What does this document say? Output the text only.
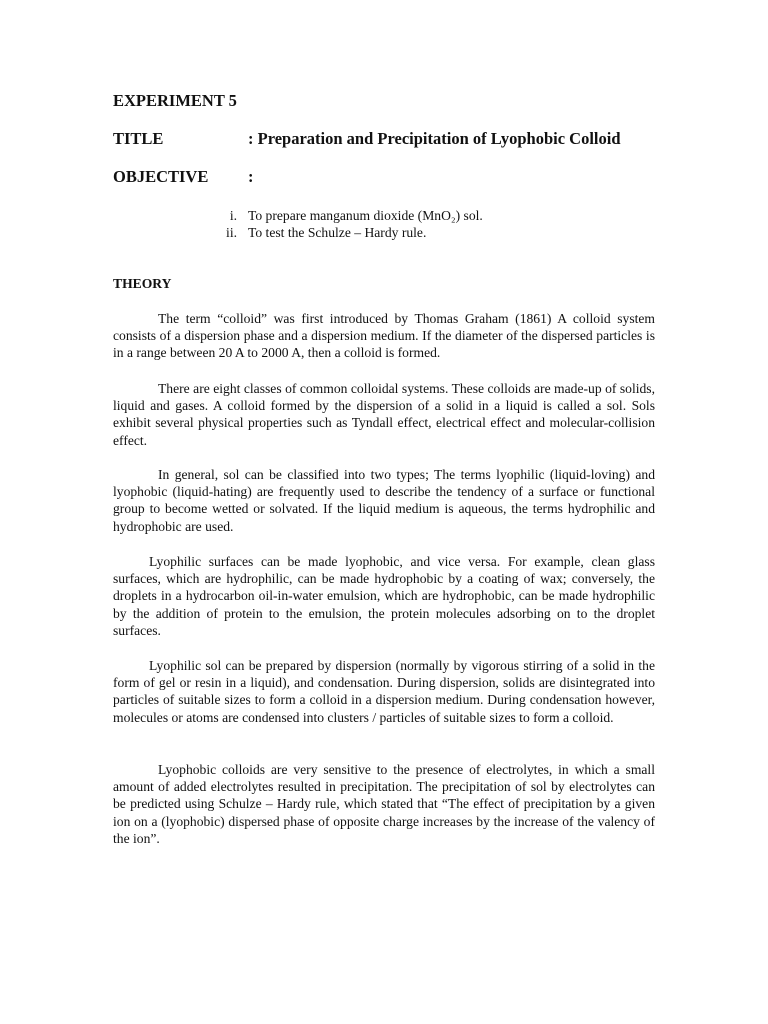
EXPERIMENT 5
TITLE	: Preparation and Precipitation of Lyophobic Colloid
OBJECTIVE :
i. To prepare manganum dioxide (MnO₂) sol.
ii. To test the Schulze – Hardy rule.
THEORY

The term “colloid” was first introduced by Thomas Graham (1861) A colloid system consists of a dispersion phase and a dispersion medium. If the diameter of the dispersed particles is in a range between 20 A to 2000 A, then a colloid is formed.

There are eight classes of common colloidal systems. These colloids are made-up of solids, liquid and gases. A colloid formed by the dispersion of a solid in a liquid is called a sol. Sols exhibit several physical properties such as Tyndall effect, electrical effect and molecular-collision effect.

In general, sol can be classified into two types; The terms lyophilic (liquid-loving) and lyophobic (liquid-hating) are frequently used to describe the tendency of a surface or functional group to become wetted or solvated. If the liquid medium is aqueous, the terms hydrophilic and hydrophobic are used.

Lyophilic surfaces can be made lyophobic, and vice versa. For example, clean glass surfaces, which are hydrophilic, can be made hydrophobic by a coating of wax; conversely, the droplets in a hydrocarbon oil-in-water emulsion, which are hydrophobic, can be made hydrophilic by the addition of protein to the emulsion, the protein molecules adsorbing on to the droplet surfaces.

Lyophilic sol can be prepared by dispersion (normally by vigorous stirring of a solid in the form of gel or resin in a liquid), and condensation. During dispersion, solids are disintegrated into particles of suitable sizes to form a colloid in a dispersion medium. During condensation however, molecules or atoms are condensed into clusters / particles of suitable sizes to form a colloid.

Lyophobic colloids are very sensitive to the presence of electrolytes, in which a small amount of added electrolytes resulted in precipitation. The precipitation of sol by electrolytes can be predicted using Schulze – Hardy rule, which stated that “The effect of precipitation by a given ion on a (lyophobic) dispersed phase of opposite charge increases by the increase of the valency of the ion”.
